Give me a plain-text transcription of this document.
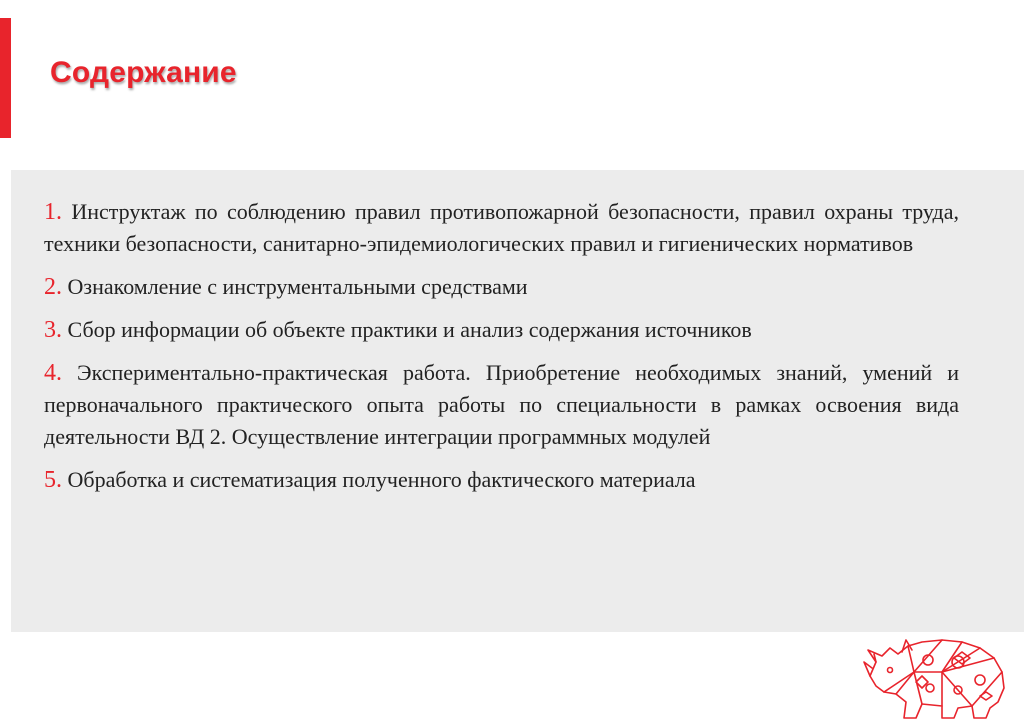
Содержание
1. Инструктаж по соблюдению правил противопожарной безопасности, правил охраны труда, техники безопасности, санитарно-эпидемиологических правил и гигиенических нормативов
2. Ознакомление с инструментальными средствами
3. Сбор информации об объекте практики и анализ содержания источников
4. Экспериментально-практическая работа. Приобретение необходимых знаний, умений и первоначального практического опыта работы по специальности в рамках освоения вида деятельности ВД 2. Осуществление интеграции программных модулей
5. Обработка и систематизация полученного фактического материала
